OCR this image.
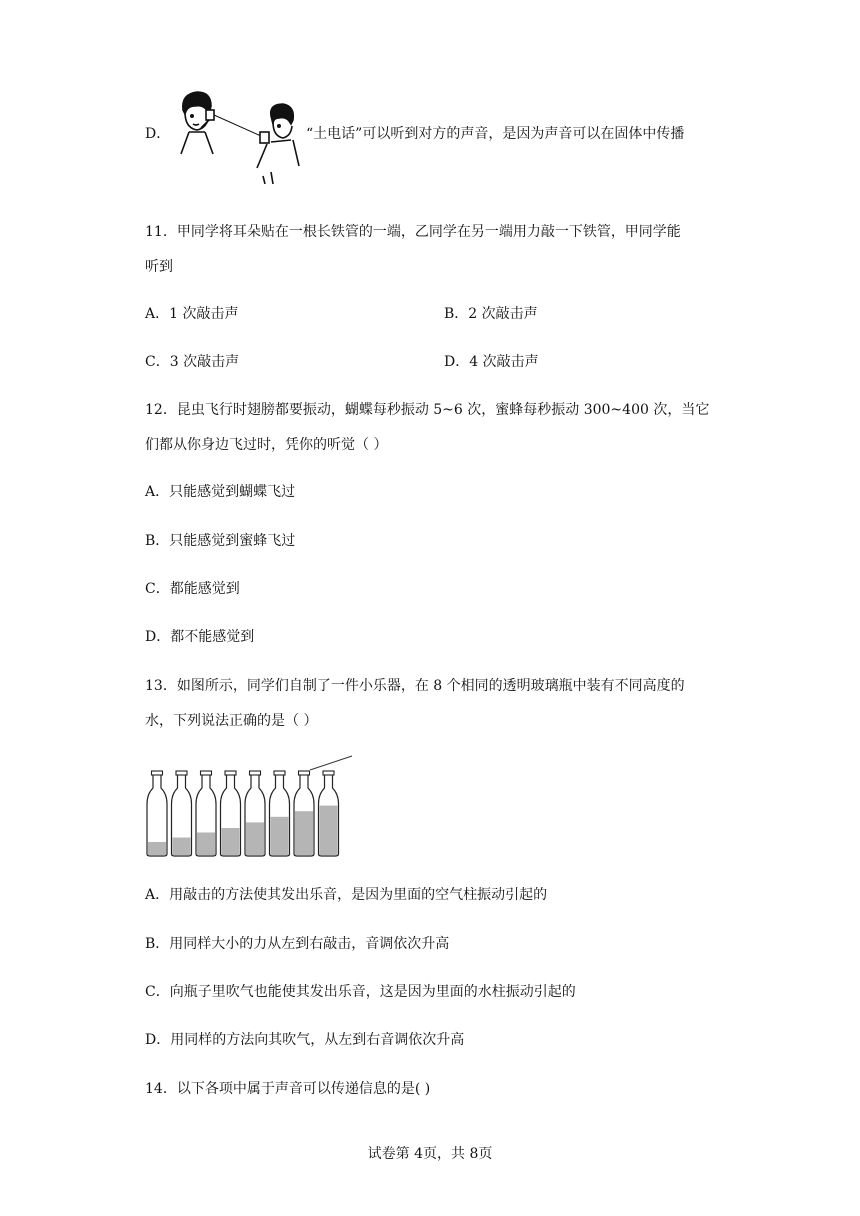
D．	“土电话”可以听到对方的声音，是因为声音可以在固体中传播
11．甲同学将耳朵贴在一根长铁管的一端，乙同学在另一端用力敲一下铁管，甲同学能
听到
A．1 次敲击声	B．2 次敲击声
C．3 次敲击声	D．4 次敲击声
12．昆虫飞行时翅膀都要振动，蝴蝶每秒振动 5~6 次，蜜蜂每秒振动 300~400 次，当它
们都从你身边飞过时，凭你的听觉（ ）
A．只能感觉到蝴蝶飞过
B．只能感觉到蜜蜂飞过
C．都能感觉到
D．都不能感觉到
13．如图所示，同学们自制了一件小乐器，在 8 个相同的透明玻璃瓶中装有不同高度的
水，下列说法正确的是（ ）
A．用敲击的方法使其发出乐音，是因为里面的空气柱振动引起的
B．用同样大小的力从左到右敲击，音调依次升高
C．向瓶子里吹气也能使其发出乐音，这是因为里面的水柱振动引起的
D．用同样的方法向其吹气，从左到右音调依次升高
14．以下各项中属于声音可以传递信息的是( )
试卷第 4页，共 8页
